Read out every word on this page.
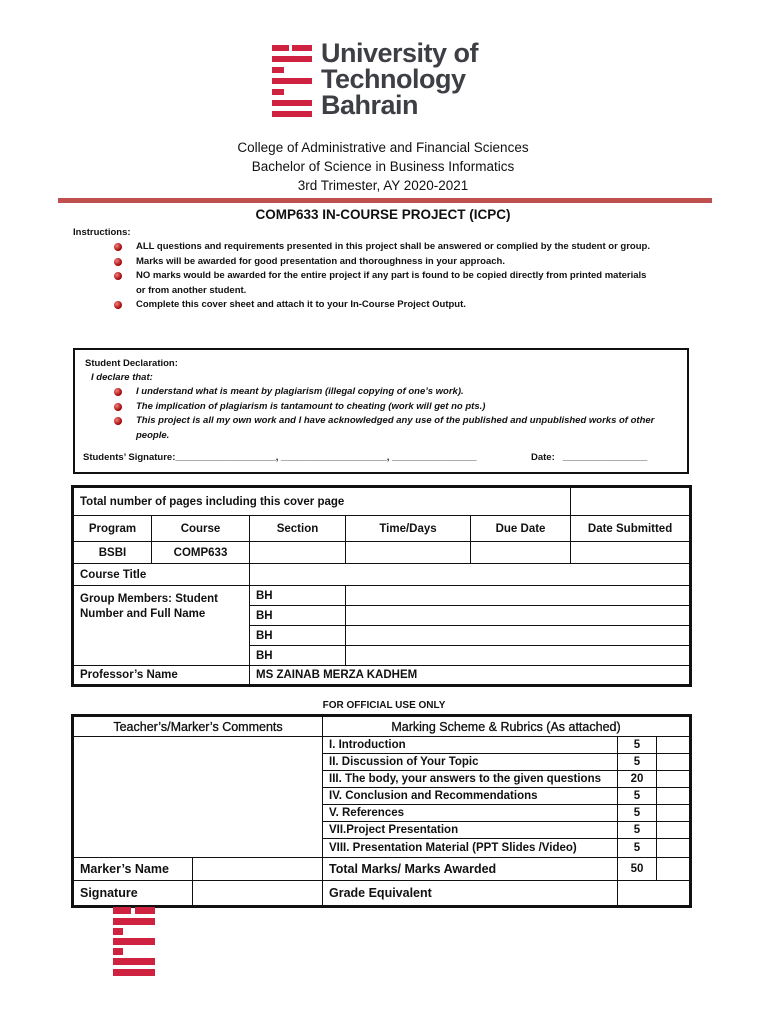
University of
Technology
Bahrain
College of Administrative and Financial Sciences
Bachelor of Science in Business Informatics
3rd Trimester, AY 2020-2021
COMP633 IN-COURSE PROJECT (ICPC)
Instructions:
ALL questions and requirements presented in this project shall be answered or complied by the student or group.
Marks will be awarded for good presentation and thoroughness in your approach.
NO marks would be awarded for the entire project if any part is found to be copied directly from printed materials or from another student.
Complete this cover sheet and attach it to your In-Course Project Output.
Student Declaration:
I declare that:
I understand what is meant by plagiarism (illegal copying of one’s work).
The implication of plagiarism is tantamount to cheating (work will get no pts.)
This project is all my own work and I have acknowledged any use of the published and unpublished works of other people.
Students’ Signature:___________________, ____________________, ________________	Date: ________________
Total number of pages including this cover page					
Program	Course	Section	Time/Days	Due Date	Date Submitted
BSBI	COMP633				
Course Title					
Group Members: Student Number and Full Name		BH			
		BH			
		BH			
		BH			
Professor’s Name		MS ZAINAB MERZA KADHEM			
FOR OFFICIAL USE ONLY
Teacher’s/Marker’s Comments		Marking Scheme & Rubrics (As attached)		
		I. Introduction	5	
		II. Discussion of Your Topic	5	
		III. The body, your answers to the given questions	20	
		IV. Conclusion and Recommendations	5	
		V. References	5	
		VII.Project Presentation	5	
		VIII. Presentation Material (PPT Slides /Video)	5	
Marker’s Name		Total Marks/ Marks Awarded	50	
Signature		Grade Equivalent		
